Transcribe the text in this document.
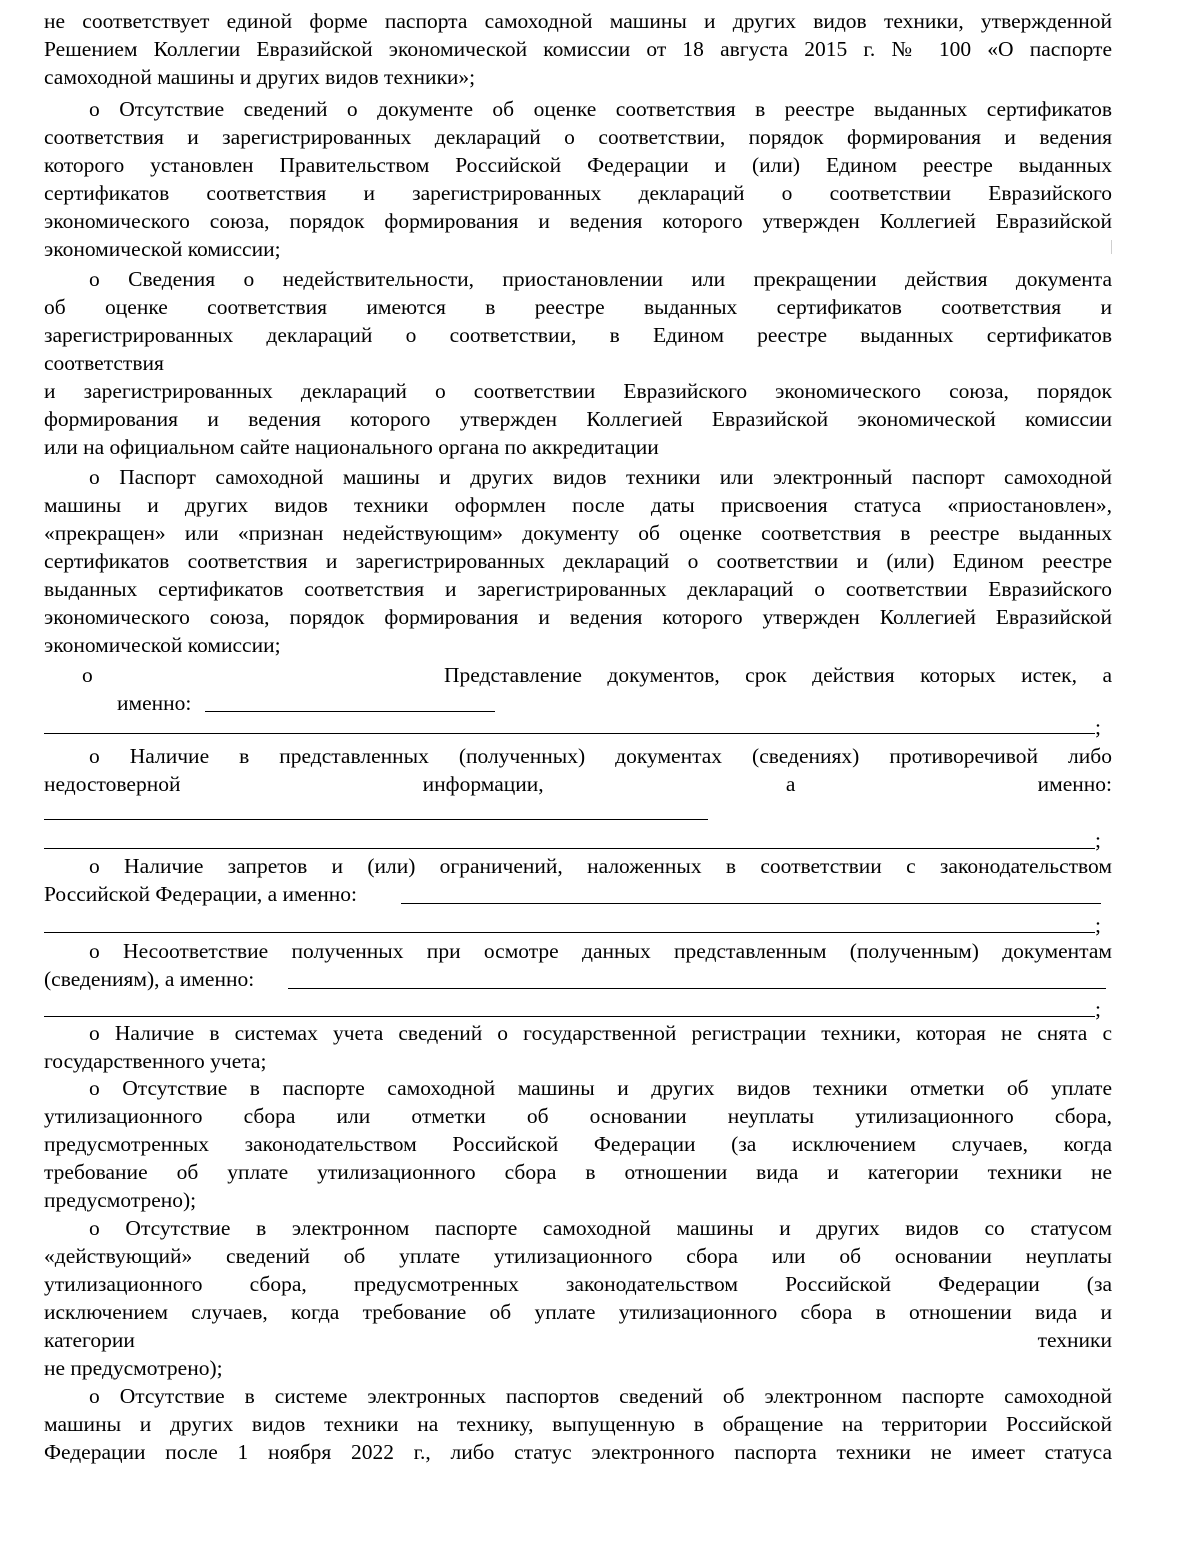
не соответствует единой форме паспорта самоходной машины и других видов техники, утвержденной
Решением Коллегии Евразийской экономической комиссии от 18 августа 2015 г. № 100 «О паспорте
самоходной машины и других видов техники»;
о Отсутствие сведений о документе об оценке соответствия в реестре выданных сертификатов
соответствия и зарегистрированных деклараций о соответствии, порядок формирования и ведения
которого установлен Правительством Российской Федерации и (или) Едином реестре выданных
сертификатов соответствия и зарегистрированных деклараций о соответствии Евразийского
экономического союза, порядок формирования и ведения которого утвержден Коллегией Евразийской
экономической комиссии;
о Сведения о недействительности, приостановлении или прекращении действия документа
об оценке соответствия имеются в реестре выданных сертификатов соответствия и
зарегистрированных деклараций о соответствии, в Едином реестре выданных сертификатов
соответствия
и зарегистрированных деклараций о соответствии Евразийского экономического союза, порядок
формирования и ведения которого утвержден Коллегией Евразийской экономической комиссии
или на официальном сайте национального органа по аккредитации
о Паспорт самоходной машины и других видов техники или электронный паспорт самоходной
машины и других видов техники оформлен после даты присвоения статуса «приостановлен»,
«прекращен» или «признан недействующим» документу об оценке соответствия в реестре выданных
сертификатов соответствия и зарегистрированных деклараций о соответствии и (или) Едином реестре
выданных сертификатов соответствия и зарегистрированных деклараций о соответствии Евразийского
экономического союза, порядок формирования и ведения которого утвержден Коллегией Евразийской
экономической комиссии;
о	Представление документов, срок действия которых истек, а
именно:
;
о Наличие в представленных (полученных) документах (сведениях) противоречивой либо
недостоверной информации, а именно:
;
о Наличие запретов и (или) ограничений, наложенных в соответствии с законодательством
Российской Федерации, а именно:
;
о Несоответствие полученных при осмотре данных представленным (полученным) документам
(сведениям), а именно:
;
о Наличие в системах учета сведений о государственной регистрации техники, которая не снята с
государственного учета;
о Отсутствие в паспорте самоходной машины и других видов техники отметки об уплате
утилизационного сбора или отметки об основании неуплаты утилизационного сбора,
предусмотренных законодательством Российской Федерации (за исключением случаев, когда
требование об уплате утилизационного сбора в отношении вида и категории техники не
предусмотрено);
о Отсутствие в электронном паспорте самоходной машины и других видов со статусом
«действующий» сведений об уплате утилизационного сбора или об основании неуплаты
утилизационного сбора, предусмотренных законодательством Российской Федерации (за
исключением случаев, когда требование об уплате утилизационного сбора в отношении вида и
категории техники
не предусмотрено);
о Отсутствие в системе электронных паспортов сведений об электронном паспорте самоходной
машины и других видов техники на технику, выпущенную в обращение на территории Российской
Федерации после 1 ноября 2022 г., либо статус электронного паспорта техники не имеет статуса
